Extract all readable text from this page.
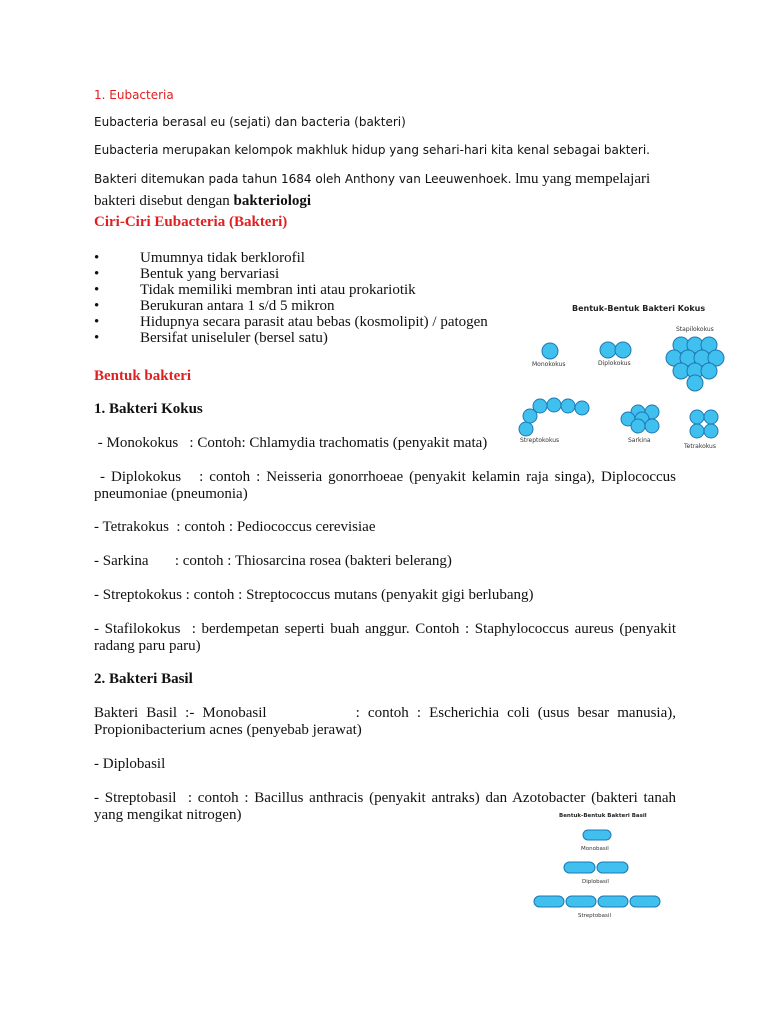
1. Eubacteria

Eubacteria berasal eu (sejati) dan bacteria (bakteri)

Eubacteria merupakan kelompok makhluk hidup yang sehari-hari kita kenal sebagai bakteri.

Bakteri ditemukan pada tahun 1684 oleh Anthony van Leeuwenhoek. lmu yang mempelajari bakteri disebut dengan bakteriologi

Ciri-Ciri Eubacteria (Bakteri)

• Umumnya tidak berklorofil
• Bentuk yang bervariasi
• Tidak memiliki membran inti atau prokariotik
• Berukuran antara 1 s/d 5 mikron
• Hidupnya secara parasit atau bebas (kosmolipit) / patogen
• Bersifat uniseluler (bersel satu)

Bentuk bakteri

1. Bakteri Kokus

- Monokokus   : Contoh: Chlamydia trachomatis (penyakit mata)

- Diplokokus   : contoh : Neisseria gonorrhoeae (penyakit kelamin raja singa), Diplococcus pneumoniae (pneumonia)

- Tetrakokus  : contoh : Pediococcus cerevisiae

- Sarkina       : contoh : Thiosarcina rosea (bakteri belerang)

- Streptokokus : contoh : Streptococcus mutans (penyakit gigi berlubang)

- Stafilokokus  : berdempetan seperti buah anggur. Contoh : Staphylococcus aureus (penyakit radang paru paru)

2. Bakteri Basil

Bakteri Basil :- Monobasil           : contoh : Escherichia coli (usus besar manusia), Propionibacterium acnes (penyebab jerawat)

- Diplobasil

- Streptobasil  : contoh : Bacillus anthracis (penyakit antraks) dan Azotobacter (bakteri tanah yang mengikat nitrogen)

Bentuk-Bentuk Bakteri Kokus
Stapilokokus
Monokokus	Diplokokus
Streptokokus	Sarkina
Tetrakokus
Bentuk-Bentuk Bakteri Basil
Monobasil
Diplobasil
Streptobasil
